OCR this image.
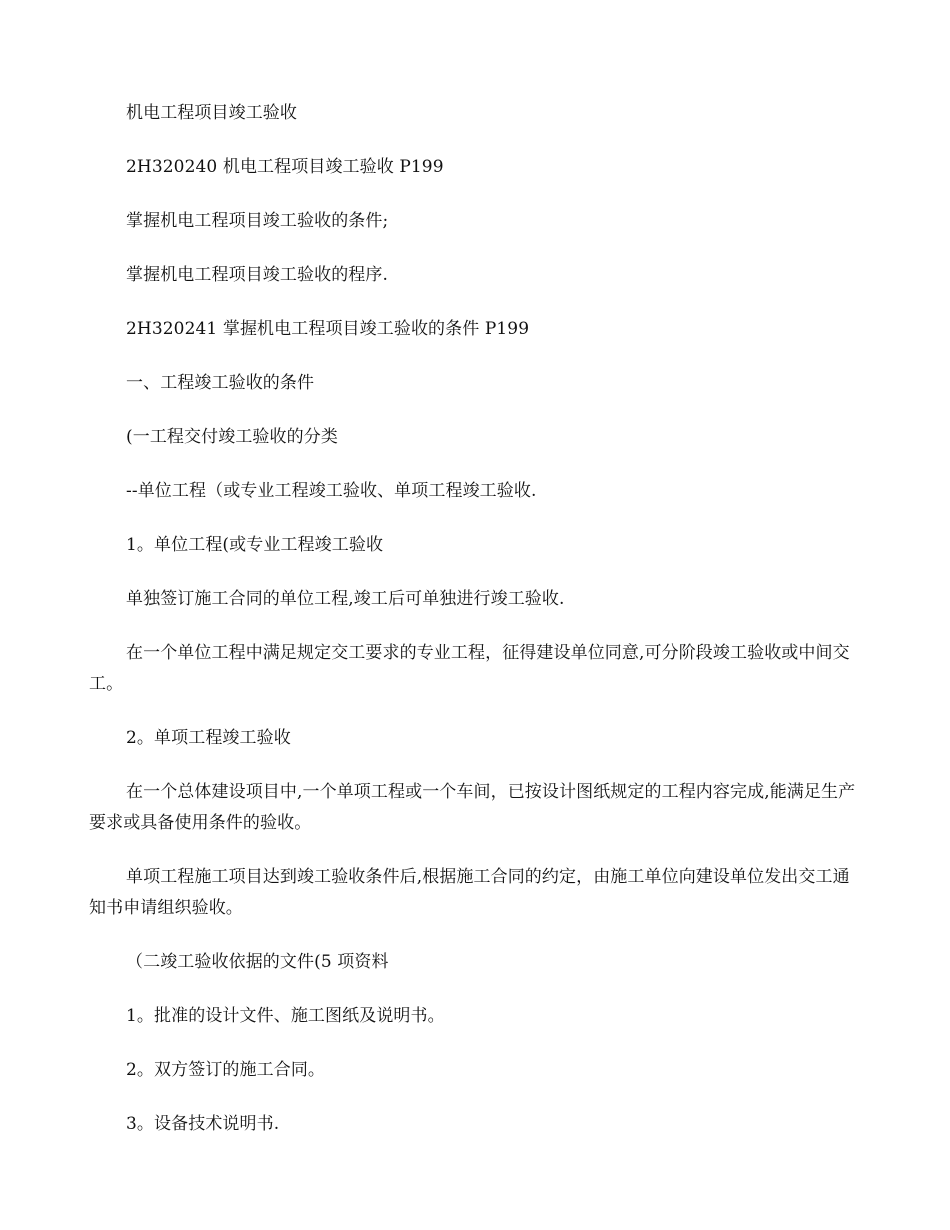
机电工程项目竣工验收

2H320240 机电工程项目竣工验收 P199

掌握机电工程项目竣工验收的条件;

掌握机电工程项目竣工验收的程序.

2H320241 掌握机电工程项目竣工验收的条件 P199

一、工程竣工验收的条件

(一工程交付竣工验收的分类

--单位工程（或专业工程竣工验收、单项工程竣工验收.

1。单位工程(或专业工程竣工验收

单独签订施工合同的单位工程,竣工后可单独进行竣工验收.

在一个单位工程中满足规定交工要求的专业工程，征得建设单位同意,可分阶段竣工验收或中间交工。

2。单项工程竣工验收

在一个总体建设项目中,一个单项工程或一个车间，已按设计图纸规定的工程内容完成,能满足生产要求或具备使用条件的验收。

单项工程施工项目达到竣工验收条件后,根据施工合同的约定，由施工单位向建设单位发出交工通知书申请组织验收。

（二竣工验收依据的文件(5 项资料

1。批准的设计文件、施工图纸及说明书。

2。双方签订的施工合同。

3。设备技术说明书.
